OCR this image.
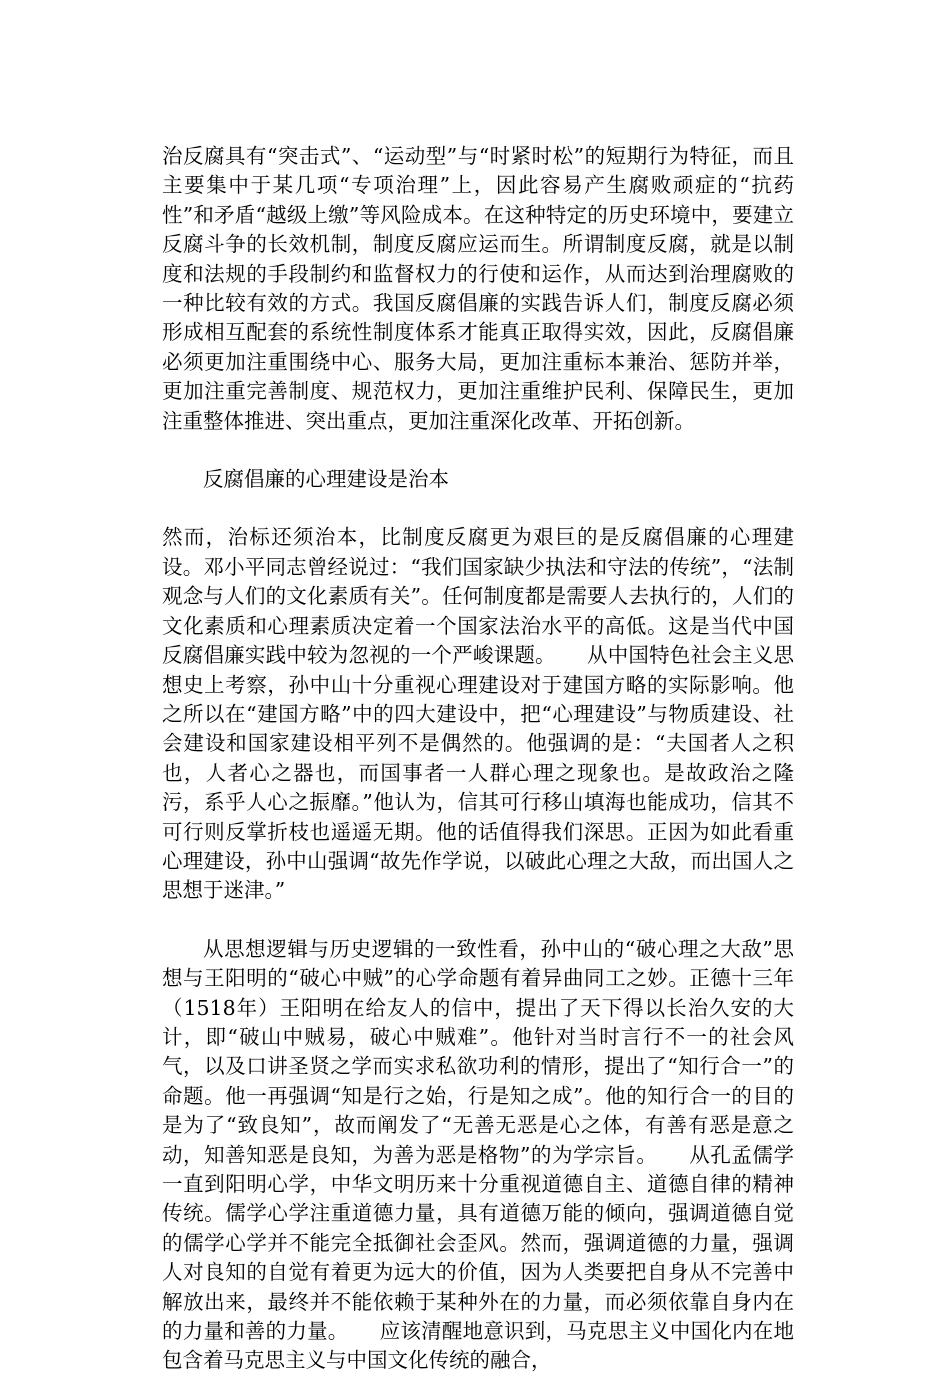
治反腐具有“突击式”、“运动型”与“时紧时松”的短期行为特征，而且主要集中于某几项“专项治理”上，因此容易产生腐败顽症的“抗药性”和矛盾“越级上缴”等风险成本。在这种特定的历史环境中，要建立反腐斗争的长效机制，制度反腐应运而生。所谓制度反腐，就是以制度和法规的手段制约和监督权力的行使和运作，从而达到治理腐败的一种比较有效的方式。我国反腐倡廉的实践告诉人们，制度反腐必须形成相互配套的系统性制度体系才能真正取得实效，因此，反腐倡廉必须更加注重围绕中心、服务大局，更加注重标本兼治、惩防并举，更加注重完善制度、规范权力，更加注重维护民利、保障民生，更加注重整体推进、突出重点，更加注重深化改革、开拓创新。

反腐倡廉的心理建设是治本

然而，治标还须治本，比制度反腐更为艰巨的是反腐倡廉的心理建设。邓小平同志曾经说过：“我们国家缺少执法和守法的传统”，“法制观念与人们的文化素质有关”。任何制度都是需要人去执行的，人们的文化素质和心理素质决定着一个国家法治水平的高低。这是当代中国反腐倡廉实践中较为忽视的一个严峻课题。　　从中国特色社会主义思想史上考察，孙中山十分重视心理建设对于建国方略的实际影响。他之所以在“建国方略”中的四大建设中，把“心理建设”与物质建设、社会建设和国家建设相平列不是偶然的。他强调的是：“夫国者人之积也，人者心之器也，而国事者一人群心理之现象也。是故政治之隆污，系乎人心之振靡。”他认为，信其可行移山填海也能成功，信其不可行则反掌折枝也遥遥无期。他的话值得我们深思。正因为如此看重心理建设，孙中山强调“故先作学说，以破此心理之大敌，而出国人之思想于迷津。”

从思想逻辑与历史逻辑的一致性看，孙中山的“破心理之大敌”思想与王阳明的“破心中贼”的心学命题有着异曲同工之妙。正德十三年（1518年）王阳明在给友人的信中，提出了天下得以长治久安的大计，即“破山中贼易，破心中贼难”。他针对当时言行不一的社会风气，以及口讲圣贤之学而实求私欲功利的情形，提出了“知行合一”的命题。他一再强调“知是行之始，行是知之成”。他的知行合一的目的是为了“致良知”，故而阐发了“无善无恶是心之体，有善有恶是意之动，知善知恶是良知，为善为恶是格物”的为学宗旨。　　从孔孟儒学一直到阳明心学，中华文明历来十分重视道德自主、道德自律的精神传统。儒学心学注重道德力量，具有道德万能的倾向，强调道德自觉的儒学心学并不能完全抵御社会歪风。然而，强调道德的力量，强调人对良知的自觉有着更为远大的价值，因为人类要把自身从不完善中解放出来，最终并不能依赖于某种外在的力量，而必须依靠自身内在的力量和善的力量。　　应该清醒地意识到，马克思主义中国化内在地包含着马克思主义与中国文化传统的融合，
